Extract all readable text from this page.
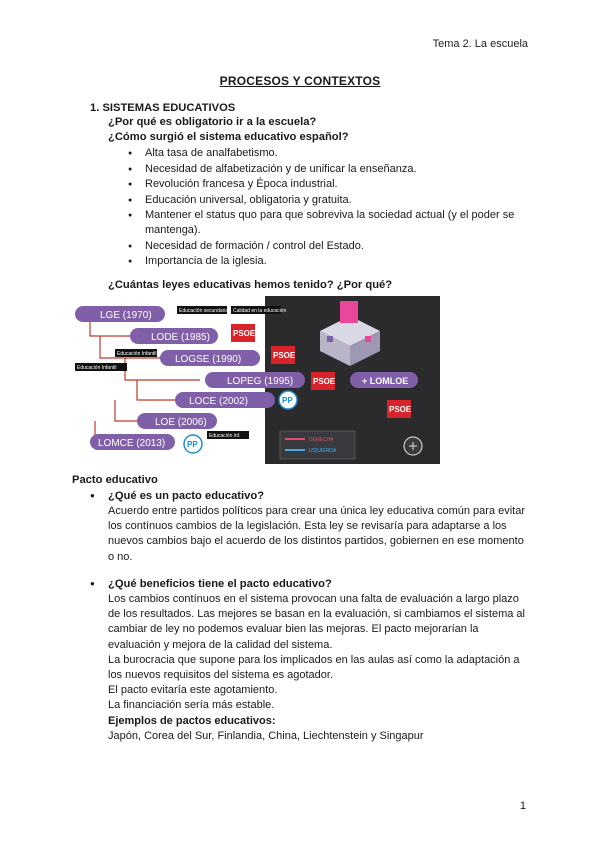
Tema 2. La escuela
PROCESOS Y CONTEXTOS
1. SISTEMAS EDUCATIVOS
¿Por qué es obligatorio ir a la escuela?
¿Cómo surgió el sistema educativo español?
● Alta tasa de analfabetismo.
● Necesidad de alfabetización y de unificar la enseñanza.
● Revolución francesa y Época industrial.
● Educación universal, obligatoria y gratuita.
● Mantener el status quo para que sobreviva la sociedad actual (y el poder se mantenga).
● Necesidad de formación / control del Estado.
● Importancia de la iglesia.
¿Cuántas leyes educativas hemos tenido? ¿Por qué?
LGE (1970)
LODE (1985)
LOGSE (1990)
LOPEG (1995)
LOCE (2002)
LOE (2006)
LOMCE (2013)
Educación secundaria Calidad en la educación
Educación Infantil
Educación Infantil
Educación inf.
PSOE
PSOE
PSOE
PSOE
PP
PP
+ LOMLOE
DERECHA
IZQUIERDA
Pacto educativo
● ¿Qué es un pacto educativo?

Acuerdo entre partidos políticos para crear una única ley educativa común para evitar los contínuos cambios de la legislación. Esta ley se revisaría para adaptarse a los nuevos cambios bajo el acuerdo de los distintos partidos, gobiernen en ese momento o no.

● ¿Qué beneficios tiene el pacto educativo?

Los cambios contínuos en el sistema provocan una falta de evaluación a largo plazo de los resultados. Las mejores se basan en la evaluación, si cambiamos el sistema al cambiar de ley no podemos evaluar bien las mejoras. El pacto mejorarían la evaluación y mejora de la calidad del sistema.

La burocracia que supone para los implicados en las aulas así como la adaptación a los nuevos requisitos del sistema es agotador.

El pacto evitaría este agotamiento.

La financiación sería más estable.

Ejemplos de pactos educativos:

Japón, Corea del Sur, Finlandia, China, Liechtenstein y Singapur

1
